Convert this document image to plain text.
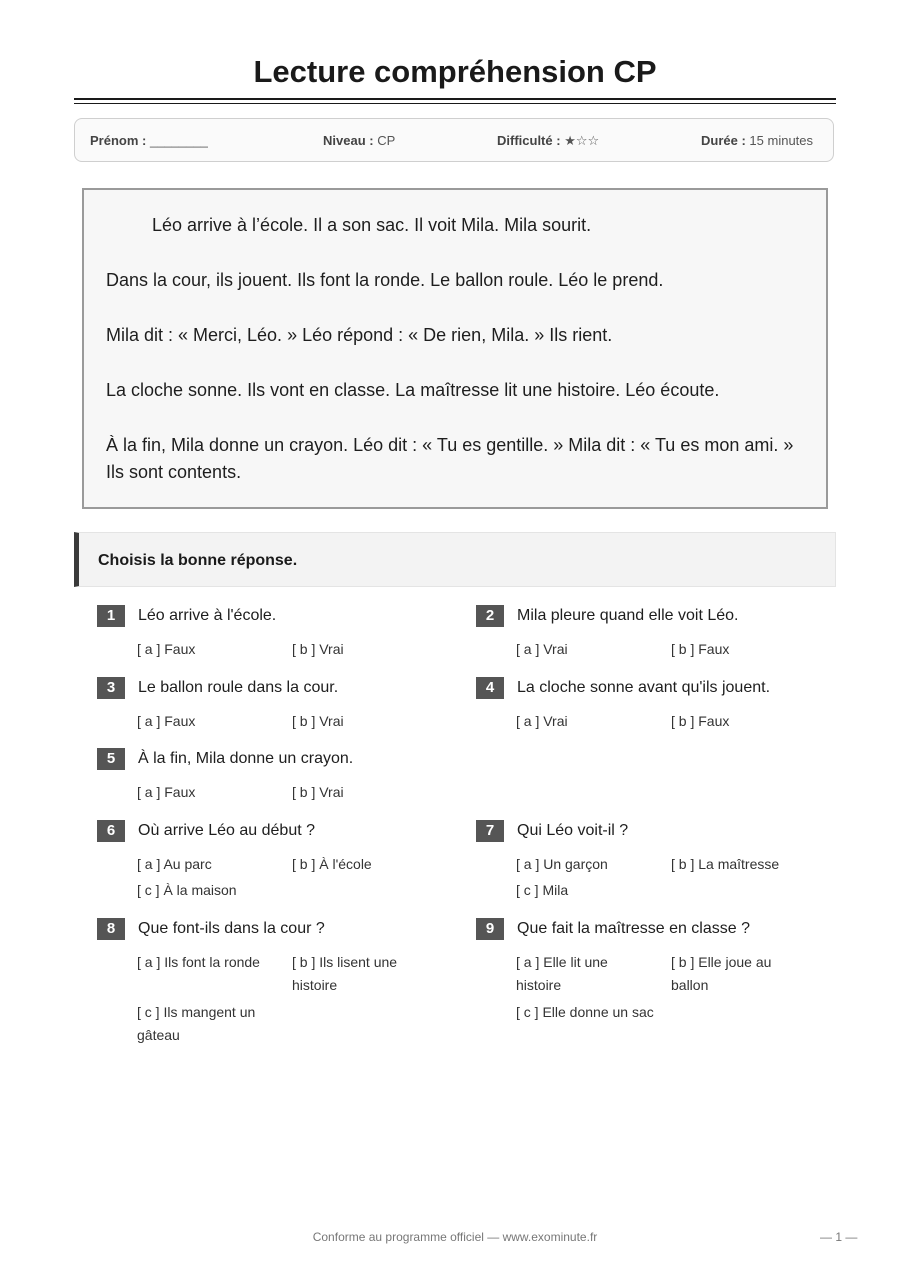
Lecture compréhension CP
Prénom : ________	Niveau : CP	Difficulté : ★☆☆	Durée : 15 minutes

Léo arrive à l’école. Il a son sac. Il voit Mila. Mila sourit.

Dans la cour, ils jouent. Ils font la ronde. Le ballon roule. Léo le prend.

Mila dit : « Merci, Léo. » Léo répond : « De rien, Mila. » Ils rient.

La cloche sonne. Ils vont en classe. La maîtresse lit une histoire. Léo écoute.

À la fin, Mila donne un crayon. Léo dit : « Tu es gentille. » Mila dit : « Tu es mon ami. » Ils sont contents.

Choisis la bonne réponse.
1	Léo arrive à l'école.
[ a ] Faux	[ b ] Vrai
2	Mila pleure quand elle voit Léo.
[ a ] Vrai	[ b ] Faux
3	Le ballon roule dans la cour.
[ a ] Faux	[ b ] Vrai
4	La cloche sonne avant qu'ils jouent.
[ a ] Vrai	[ b ] Faux
5	À la fin, Mila donne un crayon.
[ a ] Faux	[ b ] Vrai
6	Où arrive Léo au début ?
[ a ] Au parc	[ b ] À l'école
[ c ] À la maison
7	Qui Léo voit-il ?
[ a ] Un garçon	[ b ] La maîtresse
[ c ] Mila
8	Que font-ils dans la cour ?
[ a ] Ils font la ronde	[ b ] Ils lisent une histoire
[ c ] Ils mangent un gâteau
9	Que fait la maîtresse en classe ?
[ a ] Elle lit une histoire
[ b ] Elle joue au ballon
[ c ] Elle donne un sac
Conforme au programme officiel — www.exominute.fr	— 1 —
